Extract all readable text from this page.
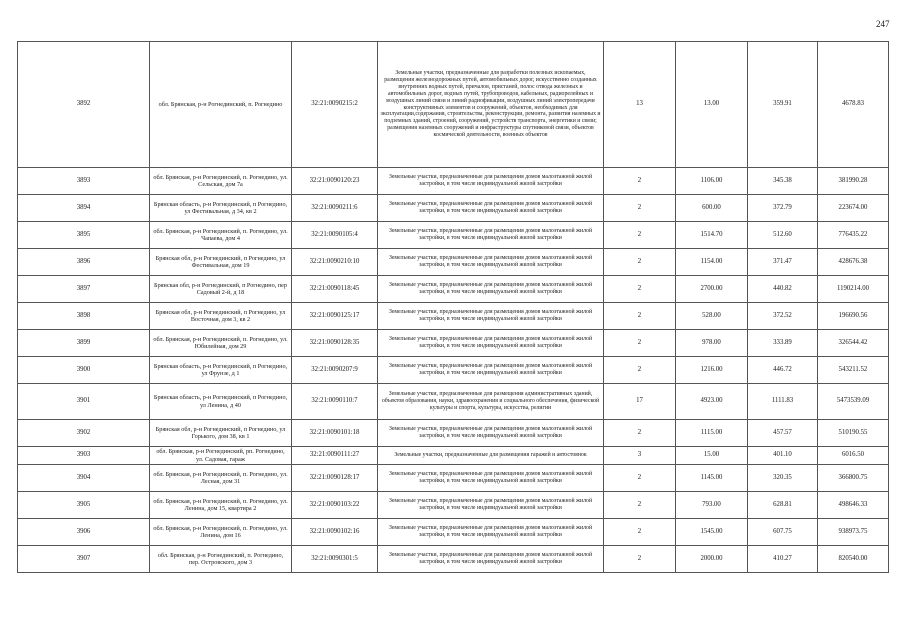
247
3892	обл. Брянская, р-н Рогнединский, п. Рогнедино	32:21:0090215:2	Земельные участки, предназначенные для разработки полезных ископаемых, размещения железнодорожных путей, автомобильных дорог, искусственно созданных внутренних водных путей, причалов, пристаней, полос отвода железных и автомобильных дорог, водных путей, трубопроводов, кабельных, радиорелейных и воздушных линий связи и линий радиофикации, воздушных линий электропередачи конструктивных элементов и сооружений, объектов, необходимых для эксплуатации,содержания, строительства, реконструкции, ремонта, развития наземных и подземных зданий, строений, сооружений, устройств транспорта, энергетики и связи; размещения наземных сооружений и инфраструктуры спутниковой связи, объектов космической деятельности, военных объектов	13	13.00	359.91	4678.83
3893	обл. Брянская, р-н Рогнединский, п. Рогнедино, ул. Сельская, дом 7а	32:21:0090120:23	Земельные участки, предназначенные для размещения домов малоэтажной жилой застройки, в том числе индивидуальной жилой застройки	2	1106.00	345.38	381990.28
3894	Брянская область, р-н Рогнединский, п Рогнедино, ул Фестивальная, д 34, кв 2	32:21:0090211:6	Земельные участки, предназначенные для размещения домов малоэтажной жилой застройки, в том числе индивидуальной жилой застройки	2	600.00	372.79	223674.00
3895	обл. Брянская, р-н Рогнединский, п. Рогнедино, ул. Чапаева, дом 4	32:21:0090105:4	Земельные участки, предназначенные для размещения домов малоэтажной жилой застройки, в том числе индивидуальной жилой застройки	2	1514.70	512.60	776435.22
3896	Брянская обл, р-н Рогнединский, п Рогнедино, ул Фестивальная, дом 19	32:21:0090210:10	Земельные участки, предназначенные для размещения домов малоэтажной жилой застройки, в том числе индивидуальной жилой застройки	2	1154.00	371.47	428676.38
3897	Брянская обл, р-н Рогнединский, п Рогнедино, пер Садовый 2-й, д 18	32:21:0090118:45	Земельные участки, предназначенные для размещения домов малоэтажной жилой застройки, в том числе индивидуальной жилой застройки	2	2700.00	440.82	1190214.00
3898	Брянская обл, р-н Рогнединский, п Рогнедино, ул Восточная, дом 3, кв 2	32:21:0090125:17	Земельные участки, предназначенные для размещения домов малоэтажной жилой застройки, в том числе индивидуальной жилой застройки	2	528.00	372.52	196690.56
3899	обл. Брянская, р-н Рогнединский, п. Рогнедино, ул. Юбилейная, дом 29	32:21:0090128:35	Земельные участки, предназначенные для размещения домов малоэтажной жилой застройки, в том числе индивидуальной жилой застройки	2	978.00	333.89	326544.42
3900	Брянская область, р-н Рогнединский, п Рогнедино, ул Фрунзе, д 1	32:21:0090207:9	Земельные участки, предназначенные для размещения домов малоэтажной жилой застройки, в том числе индивидуальной жилой застройки	2	1216.00	446.72	543211.52
3901	Брянская область, р-н Рогнединский, п Рогнедино, ул Ленина, д 40	32:21:0090110:7	Земельные участки, предназначенные для размещения административных зданий, объектов образования, науки, здравоохранения и социального обеспечения, физической культуры и спорта, культуры, искусства, религии	17	4923.00	1111.83	5473539.09
3902	Брянская обл, р-н Рогнединский, п Рогнедино, ул Горького, дом 38, кв 1	32:21:0090101:18	Земельные участки, предназначенные для размещения домов малоэтажной жилой застройки, в том числе индивидуальной жилой застройки	2	1115.00	457.57	510190.55
3903	обл. Брянская, р-н Рогнединский, рп. Рогнедино, ул. Садовая, гараж	32:21:0090111:27	Земельные участки, предназначенные для размещения гаражей и автостоянок	3	15.00	401.10	6016.50
3904	обл. Брянская, р-н Рогнединский, п. Рогнедино, ул. Лесная, дом 31	32:21:0090128:17	Земельные участки, предназначенные для размещения домов малоэтажной жилой застройки, в том числе индивидуальной жилой застройки	2	1145.00	320.35	366800.75
3905	обл. Брянская, р-н Рогнединский, п. Рогнедино, ул. Ленина, дом 15, квартира 2	32:21:0090103:22	Земельные участки, предназначенные для размещения домов малоэтажной жилой застройки, в том числе индивидуальной жилой застройки	2	793.00	628.81	498646.33
3906	обл. Брянская, р-н Рогнединский, п. Рогнедино, ул. Ленина, дом 16	32:21:0090102:16	Земельные участки, предназначенные для размещения домов малоэтажной жилой застройки, в том числе индивидуальной жилой застройки	2	1545.00	607.75	938973.75
3907	обл. Брянская, р-н Рогнединский, п. Рогнедино, пер. Островского, дом 3	32:21:0090301:5	Земельные участки, предназначенные для размещения домов малоэтажной жилой застройки, в том числе индивидуальной жилой застройки	2	2000.00	410.27	820540.00
